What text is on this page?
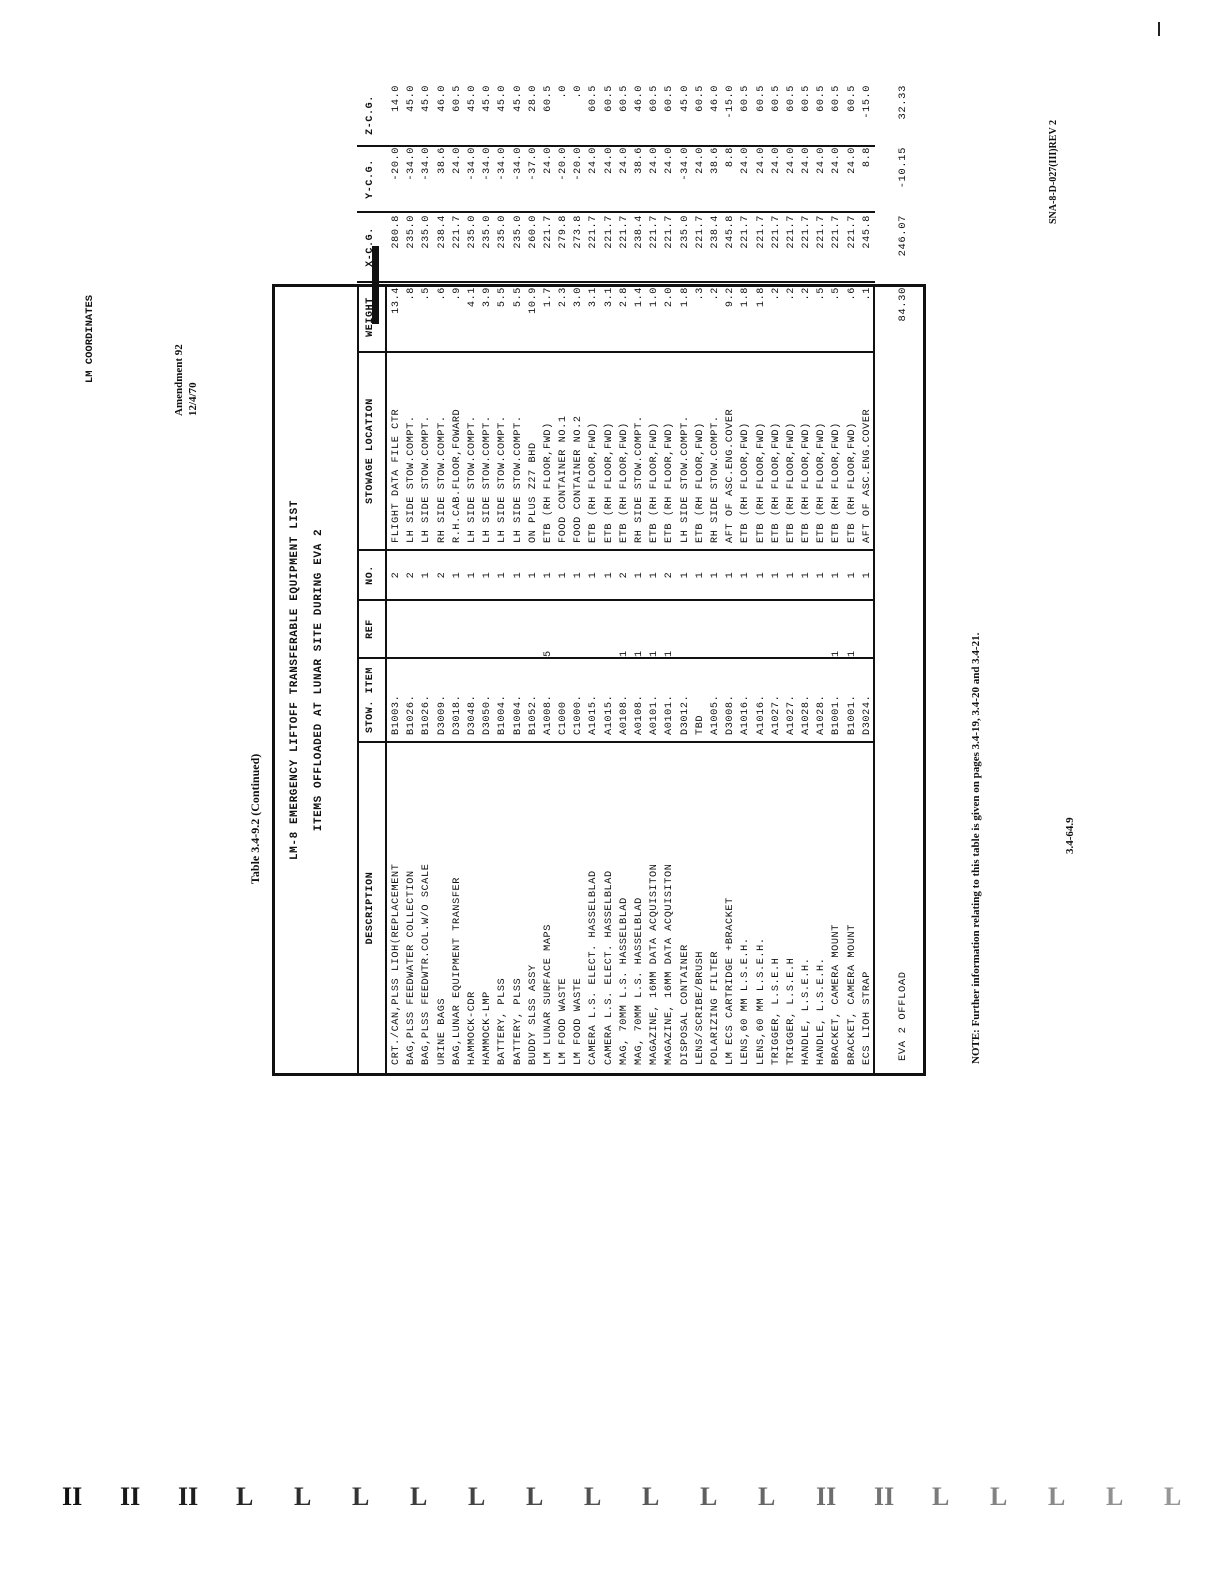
Amendment 92 12/4/70
Table 3.4-9.2 (Continued)	LM-8 EMERGENCY LIFTOFF TRANSFERABLE EQUIPMENT LIST ITEMS OFFLOADED AT LUNAR SITE DURING EVA 2
DESCRIPTION
STOW. ITEM
REF
NO.
STOWAGE LOCATION
WEIGHT
X-C.G.
Y-C.G.
Z-C.G.
CRT./CAN,PLSS LIOH(REPLACEMENT
B1003.
2
FLIGHT DATA FILE CTR
13.4
280.8
-20.0
14.0
BAG,PLSS FEEDWATER COLLECTION
B1026.
2
LH SIDE STOW.COMPT.
.8
235.0
-34.0
45.0
BAG,PLSS FEEDWTR.COL.W/O SCALE
B1026.
1
LH SIDE STOW.COMPT.
.5
235.0
-34.0
45.0
URINE BAGS
D3009.
2
RH SIDE STOW.COMPT.
.6
238.4
38.6
46.0
BAG,LUNAR EQUIPMENT TRANSFER
D3018.
1
R.H.CAB.FLOOR,FOWARD
.9
221.7
24.0
60.5
HAMMOCK-CDR
D3048.
1
LH SIDE STOW.COMPT.
4.1
235.0
-34.0
45.0
HAMMOCK-LMP
D3050.
1
LH SIDE STOW.COMPT.
3.9
235.0
-34.0
45.0
BATTERY, PLSS
B1004.
1
LH SIDE STOW.COMPT.
5.5
235.0
-34.0
45.0
BATTERY, PLSS
B1004.
1
LH SIDE STOW.COMPT.
5.5
235.0
-34.0
45.0
BUDDY SLSS ASSY
B1052.
1
ON PLUS Z27 BHD
10.9
260.0
-37.0
28.0
LM LUNAR SURFACE MAPS
A1008.
5
1
ETB (RH FLOOR,FWD)
1.7
221.7
24.0
60.5
LM FOOD WASTE
C1000
1
FOOD CONTAINER NO.1
2.3
279.8
-20.0
.0
LM FOOD WASTE
C1000.
1
FOOD CONTAINER NO.2
3.0
273.8
-20.0
.0
CAMERA L.S. ELECT. HASSELBLAD
A1015.
1
ETB (RH FLOOR,FWD)
3.1
221.7
24.0
60.5
CAMERA L.S. ELECT. HASSELBLAD
A1015.
1
ETB (RH FLOOR,FWD)
3.1
221.7
24.0
60.5
MAG, 70MM L.S. HASSELBLAD
A0108.
1
2
ETB (RH FLOOR,FWD)
2.8
221.7
24.0
60.5
MAG, 70MM L.S. HASSELBLAD
A0108.
1
1
RH SIDE STOW.COMPT.
1.4
238.4
38.6
46.0
MAGAZINE, 16MM DATA ACQUISITON
A0101.
1
1
ETB (RH FLOOR,FWD)
1.0
221.7
24.0
60.5
MAGAZINE, 16MM DATA ACQUISITON
A0101.
1
2
ETB (RH FLOOR,FWD)
2.0
221.7
24.0
60.5
DISPOSAL CONTAINER
D3012.
1
LH SIDE STOW.COMPT.
1.8
235.0
-34.0
45.0
LENS/SCRIBE/BRUSH
TBD
1
ETB (RH FLOOR,FWD)
.3
221.7
24.0
60.5
POLARIZING FILTER
A1005.
1
RH SIDE STOW.COMPT.
.2
238.4
38.6
46.0
LM ECS CARTRIDGE +BRACKET
D3008.
1
AFT OF ASC.ENG.COVER
9.2
245.8
8.8
-15.0
LENS,60 MM L.S.E.H.
A1016.
1
ETB (RH FLOOR,FWD)
1.8
221.7
24.0
60.5
LENS,60 MM L.S.E.H.
A1016.
1
ETB (RH FLOOR,FWD)
1.8
221.7
24.0
60.5
TRIGGER, L.S.E.H
A1027.
1
ETB (RH FLOOR,FWD)
.2
221.7
24.0
60.5
TRIGGER, L.S.E.H
A1027.
1
ETB (RH FLOOR,FWD)
.2
221.7
24.0
60.5
HANDLE, L.S.E.H.
A1028.
1
ETB (RH FLOOR,FWD)
.2
221.7
24.0
60.5
HANDLE, L.S.E.H.
A1028.
1
ETB (RH FLOOR,FWD)
.5
221.7
24.0
60.5
BRACKET, CAMERA MOUNT
B1001.
1
1
ETB (RH FLOOR,FWD)
.5
221.7
24.0
60.5
BRACKET, CAMERA MOUNT
B1001.
1
1
ETB (RH FLOOR,FWD)
.6
221.7
24.0
60.5
ECS LIOH STRAP
D3024.
1
AFT OF ASC.ENG.COVER
.1
245.8
8.8
-15.0
EVA 2 OFFLOAD
84.30
246.07
-10.15
32.33
LM COORDINATES
NOTE: Further information relating to this table is given on pages 3.4-19, 3.4-20 and 3.4-21.	3.4-64.9
SNA-8-D-027(III)REV 2
II II II L L L L L L L L L L II II L L L L L
